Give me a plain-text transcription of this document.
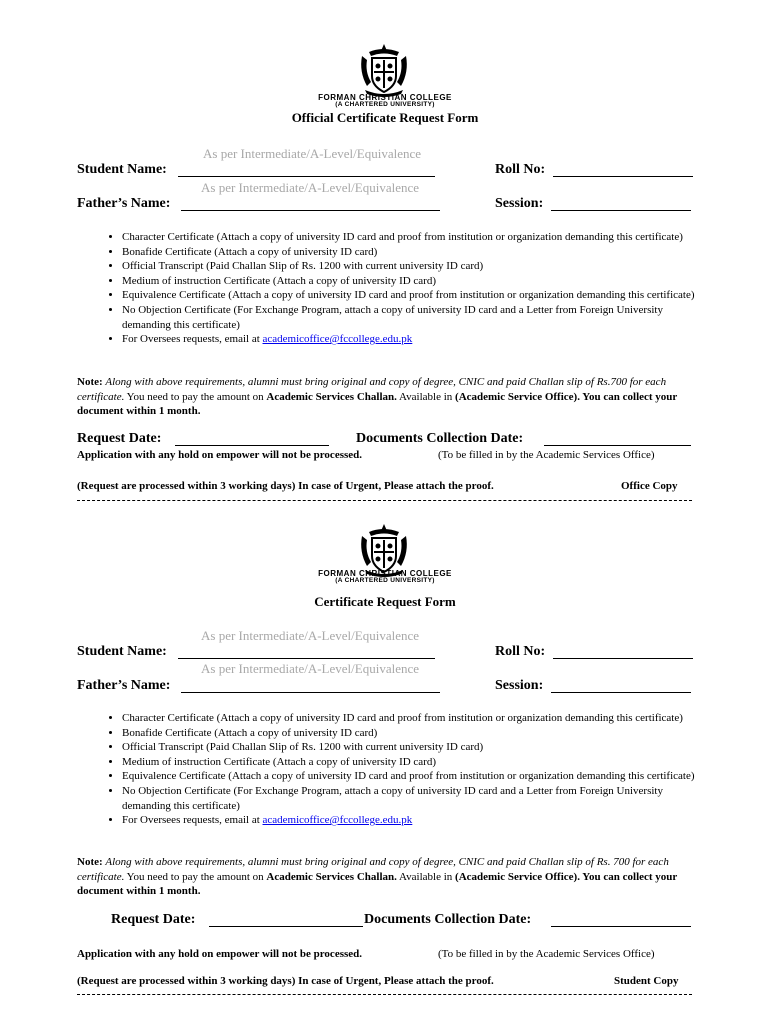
FORMAN CHRISTIAN COLLEGE
(A CHARTERED UNIVERSITY)
Official Certificate Request Form
As per Intermediate/A-Level/Equivalence
Student Name:	Roll No:
As per Intermediate/A-Level/Equivalence
Father’s Name:	Session:
• Character Certificate (Attach a copy of university ID card and proof from institution or organization demanding this certificate)
• Bonafide Certificate (Attach a copy of university ID card)
• Official Transcript (Paid Challan Slip of Rs. 1200 with current university ID card)
• Medium of instruction Certificate (Attach a copy of university ID card)
• Equivalence Certificate (Attach a copy of university ID card and proof from institution or organization demanding this certificate)
• No Objection Certificate (For Exchange Program, attach a copy of university ID card and a Letter from Foreign University demanding this certificate)
• For Oversees requests, email at academicoffice@fccollege.edu.pk
Note: Along with above requirements, alumni must bring original and copy of degree, CNIC and paid Challan slip of Rs.700 for each certificate. You need to pay the amount on Academic Services Challan. Available in (Academic Service Office). You can collect your document within 1 month.
Request Date:	Documents Collection Date:
Application with any hold on empower will not be processed.	(To be filled in by the Academic Services Office)
(Request are processed within 3 working days) In case of Urgent, Please attach the proof.	Office Copy
FORMAN CHRISTIAN COLLEGE
(A CHARTERED UNIVERSITY)
Certificate Request Form
As per Intermediate/A-Level/Equivalence
Student Name:	Roll No:
As per Intermediate/A-Level/Equivalence
Father’s Name:	Session:
• Character Certificate (Attach a copy of university ID card and proof from institution or organization demanding this certificate)
• Bonafide Certificate (Attach a copy of university ID card)
• Official Transcript (Paid Challan Slip of Rs. 1200 with current university ID card)
• Medium of instruction Certificate (Attach a copy of university ID card)
• Equivalence Certificate (Attach a copy of university ID card and proof from institution or organization demanding this certificate)
• No Objection Certificate (For Exchange Program, attach a copy of university ID card and a Letter from Foreign University demanding this certificate)
• For Oversees requests, email at academicoffice@fccollege.edu.pk
Note: Along with above requirements, alumni must bring original and copy of degree, CNIC and paid Challan slip of Rs. 700 for each certificate. You need to pay the amount on Academic Services Challan. Available in (Academic Service Office). You can collect your document within 1 month.
Request Date:	Documents Collection Date:
Application with any hold on empower will not be processed.	(To be filled in by the Academic Services Office)
(Request are processed within 3 working days) In case of Urgent, Please attach the proof.	Student Copy
